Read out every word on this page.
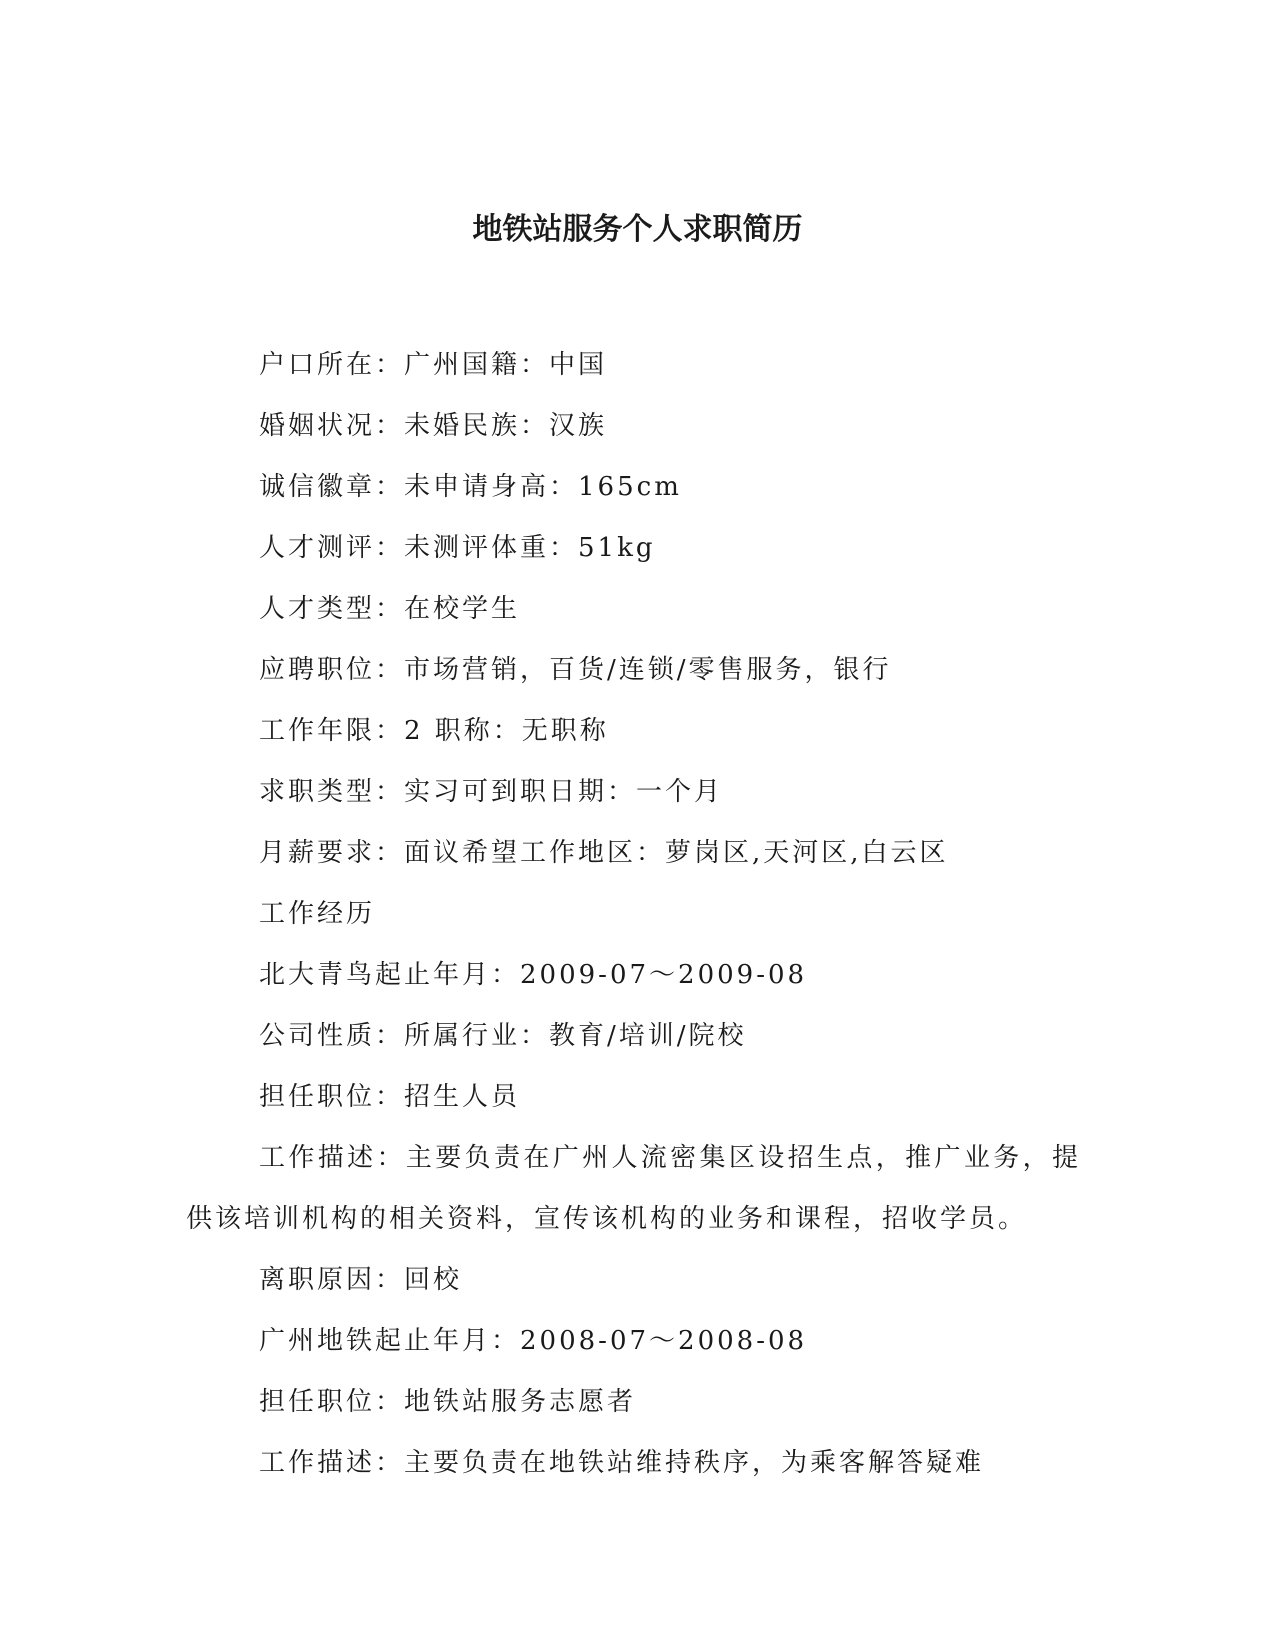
地铁站服务个人求职简历
户口所在：广州国籍：中国
婚姻状况：未婚民族：汉族
诚信徽章：未申请身高：165cm
人才测评：未测评体重：51kg
人才类型：在校学生
应聘职位：市场营销，百货/连锁/零售服务，银行
工作年限：2 职称：无职称
求职类型：实习可到职日期：一个月
月薪要求：面议希望工作地区：萝岗区,天河区,白云区
工作经历
北大青鸟起止年月：2009-07～2009-08
公司性质：所属行业：教育/培训/院校
担任职位：招生人员
工作描述：主要负责在广州人流密集区设招生点，推广业务，提供该培训机构的相关资料，宣传该机构的业务和课程，招收学员。
离职原因：回校
广州地铁起止年月：2008-07～2008-08
担任职位：地铁站服务志愿者
工作描述：主要负责在地铁站维持秩序，为乘客解答疑难
